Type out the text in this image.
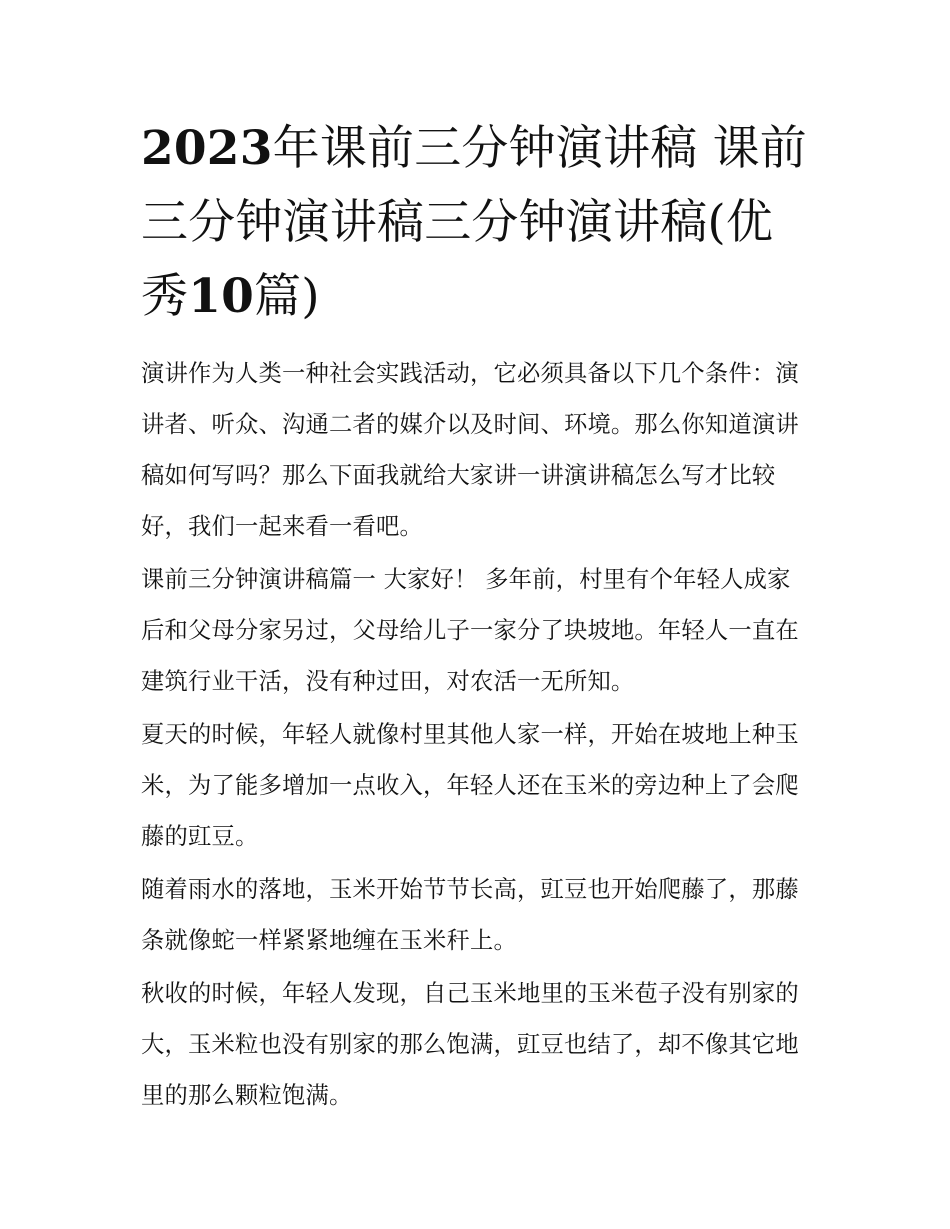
2023年课前三分钟演讲稿 课前三分钟演讲稿三分钟演讲稿(优秀10篇)

演讲作为人类一种社会实践活动，它必须具备以下几个条件：演讲者、听众、沟通二者的媒介以及时间、环境。那么你知道演讲稿如何写吗？那么下面我就给大家讲一讲演讲稿怎么写才比较好，我们一起来看一看吧。

课前三分钟演讲稿篇一 大家好！ 多年前，村里有个年轻人成家后和父母分家另过，父母给儿子一家分了块坡地。年轻人一直在建筑行业干活，没有种过田，对农活一无所知。

夏天的时候，年轻人就像村里其他人家一样，开始在坡地上种玉米，为了能多增加一点收入，年轻人还在玉米的旁边种上了会爬藤的豇豆。

随着雨水的落地，玉米开始节节长高，豇豆也开始爬藤了，那藤条就像蛇一样紧紧地缠在玉米秆上。

秋收的时候，年轻人发现，自己玉米地里的玉米苞子没有别家的大，玉米粒也没有别家的那么饱满，豇豆也结了，却不像其它地里的那么颗粒饱满。
